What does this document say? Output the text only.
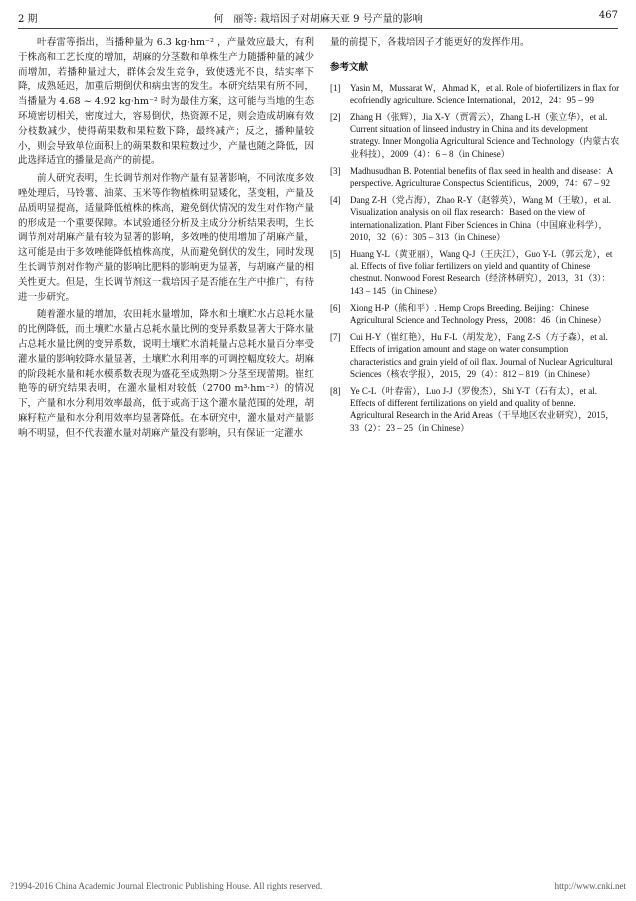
2 期	何　丽等: 栽培因子对胡麻天亚 9 号产量的影响	467

叶春雷等指出，当播种量为 6.3 kg·hm⁻² ，产量效应最大，有利于株高和工艺长度的增加，胡麻的分茎数和单株生产力随播种量的减少而增加，若播种量过大，群体会发生竞争，致使透光不良，结实率下降，成熟延迟，加重后期倒伏和病虫害的发生。本研究结果有所不同，当播量为 4.68 ~ 4.92 kg·hm⁻² 时为最佳方案，这可能与当地的生态环境密切相关，密度过大，容易倒伏，热资源不足，则会造成胡麻有效分枝数减少，使得蒴果数和果粒数下降，最终减产；反之，播种量较小，则会导致单位面积上的蒴果数和果粒数过少，产量也随之降低，因此选择适宜的播量是高产的前提。

前人研究表明，生长调节剂对作物产量有显著影响，不同浓度多效唑处理后，马铃薯、油菜、玉米等作物植株明显矮化，茎变粗，产量及品质明显提高，适量降低植株的株高，避免倒伏情况的发生对作物产量的形成是一个重要保障。本试验通径分析及主成分分析结果表明，生长调节剂对胡麻产量有较为显著的影响，多效唑的使用增加了胡麻产量，这可能是由于多效唑能降低植株高度，从而避免倒伏的发生，同时发现生长调节剂对作物产量的影响比肥料的影响更为显著，与胡麻产量的相关性更大。但是，生长调节剂这一栽培因子是否能在生产中推广，有待进一步研究。

随着灌水量的增加，农田耗水量增加，降水和土壤贮水占总耗水量的比例降低，而土壤贮水量占总耗水量比例的变异系数显著大于降水量占总耗水量比例的变异系数，说明土壤贮水消耗量占总耗水量百分率受灌水量的影响较降水量显著，土壤贮水利用率的可调控幅度较大。胡麻的阶段耗水量和耗水模系数表现为盛花至成熟期＞分茎至现蕾期。崔红艳等的研究结果表明，在灌水量相对较低（2700 m³·hm⁻²）的情况下，产量和水分利用效率最高，低于或高于这个灌水量范围的处理，胡麻籽粒产量和水分利用效率均显著降低。在本研究中，灌水量对产量影响不明显，但不代表灌水量对胡麻产量没有影响，只有保证一定灌水

量的前提下，各栽培因子才能更好的发挥作用。

参考文献
[1]	Yasin M，Mussarat W，Ahmad K，et al. Role of biofertilizers in flax for ecofriendly agriculture. Science International，2012，24：95 – 99
[2]	Zhang H（张辉），Jia X-Y（贾霄云），Zhang L-H（张立华），et al. Current situation of linseed industry in China and its development strategy. Inner Mongolia Agricultural Science and Technology（内蒙古农业科技），2009（4）：6 – 8（in Chinese）
[3]	Madhusudhan B. Potential benefits of flax seed in health and disease：A perspective. Agriculturae Conspectus Scientificus，2009，74：67 – 92
[4]	Dang Z-H（党占海），Zhao R-Y（赵蓉英），Wang M（王敏），et al. Visualization analysis on oil flax research：Based on the view of internationalization. Plant Fiber Sciences in China（中国麻业科学），2010，32（6）：305 – 313（in Chinese）
[5]	Huang Y-L（黄亚丽），Wang Q-J（王庆江），Guo Y-L（郭云龙），et al. Effects of five foliar fertilizers on yield and quantity of Chinese chestnut. Nonwood Forest Research（经济林研究），2013，31（3）：143 – 145（in Chinese）
[6]	Xiong H-P（熊和平）. Hemp Crops Breeding. Beijing：Chinese Agricultural Science and Technology Press，2008：46（in Chinese）
[7]	Cui H-Y（崔红艳），Hu F-L（胡发龙），Fang Z-S（方子森），et al. Effects of irrigation amount and stage on water consumption characteristics and grain yield of oil flax. Journal of Nuclear Agricultural Sciences（核农学报），2015，29（4）：812 – 819（in Chinese）
[8]	Ye C-L（叶春雷），Luo J-J（罗俊杰），Shi Y-T（石有太），et al. Effects of different fertilizations on yield and quality of benne. Agricultural Research in the Arid Areas（干旱地区农业研究），2015，33（2）：23 – 25（in Chinese）
?1994-2016 China Academic Journal Electronic Publishing House. All rights reserved.	http://www.cnki.net
